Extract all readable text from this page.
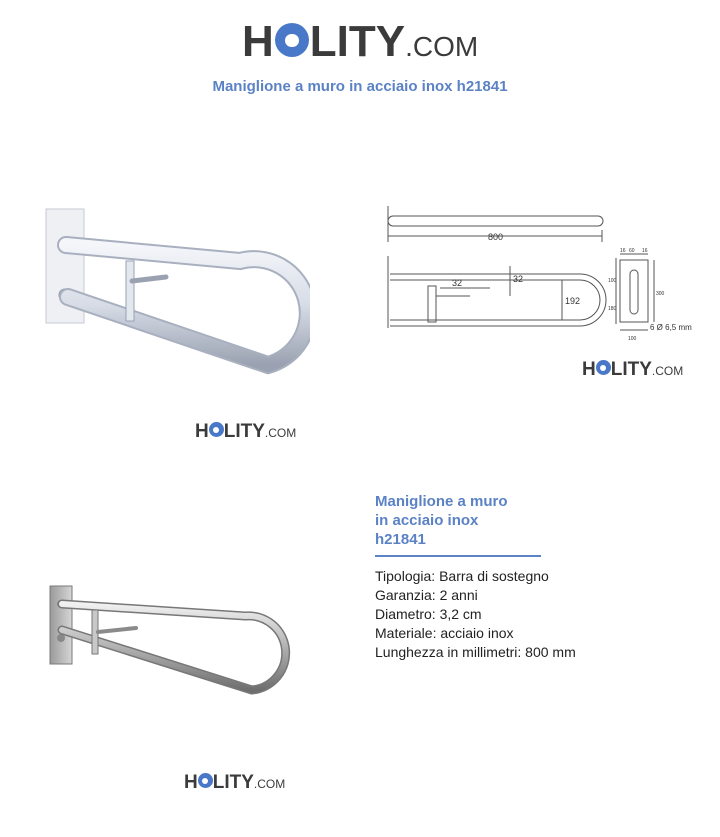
H LITY.COM
Maniglione a muro in acciaio inox h21841
H LITY.COM
800
32	32
192
6 Ø 6,5 mm
16 60 16
100
180
300
100
H LITY.COM
H LITY.COM
Maniglione a muro
in acciaio inox
h21841
Tipologia: Barra di sostegno
Garanzia: 2 anni
Diametro: 3,2 cm
Materiale: acciaio inox
Lunghezza in millimetri: 800 mm
